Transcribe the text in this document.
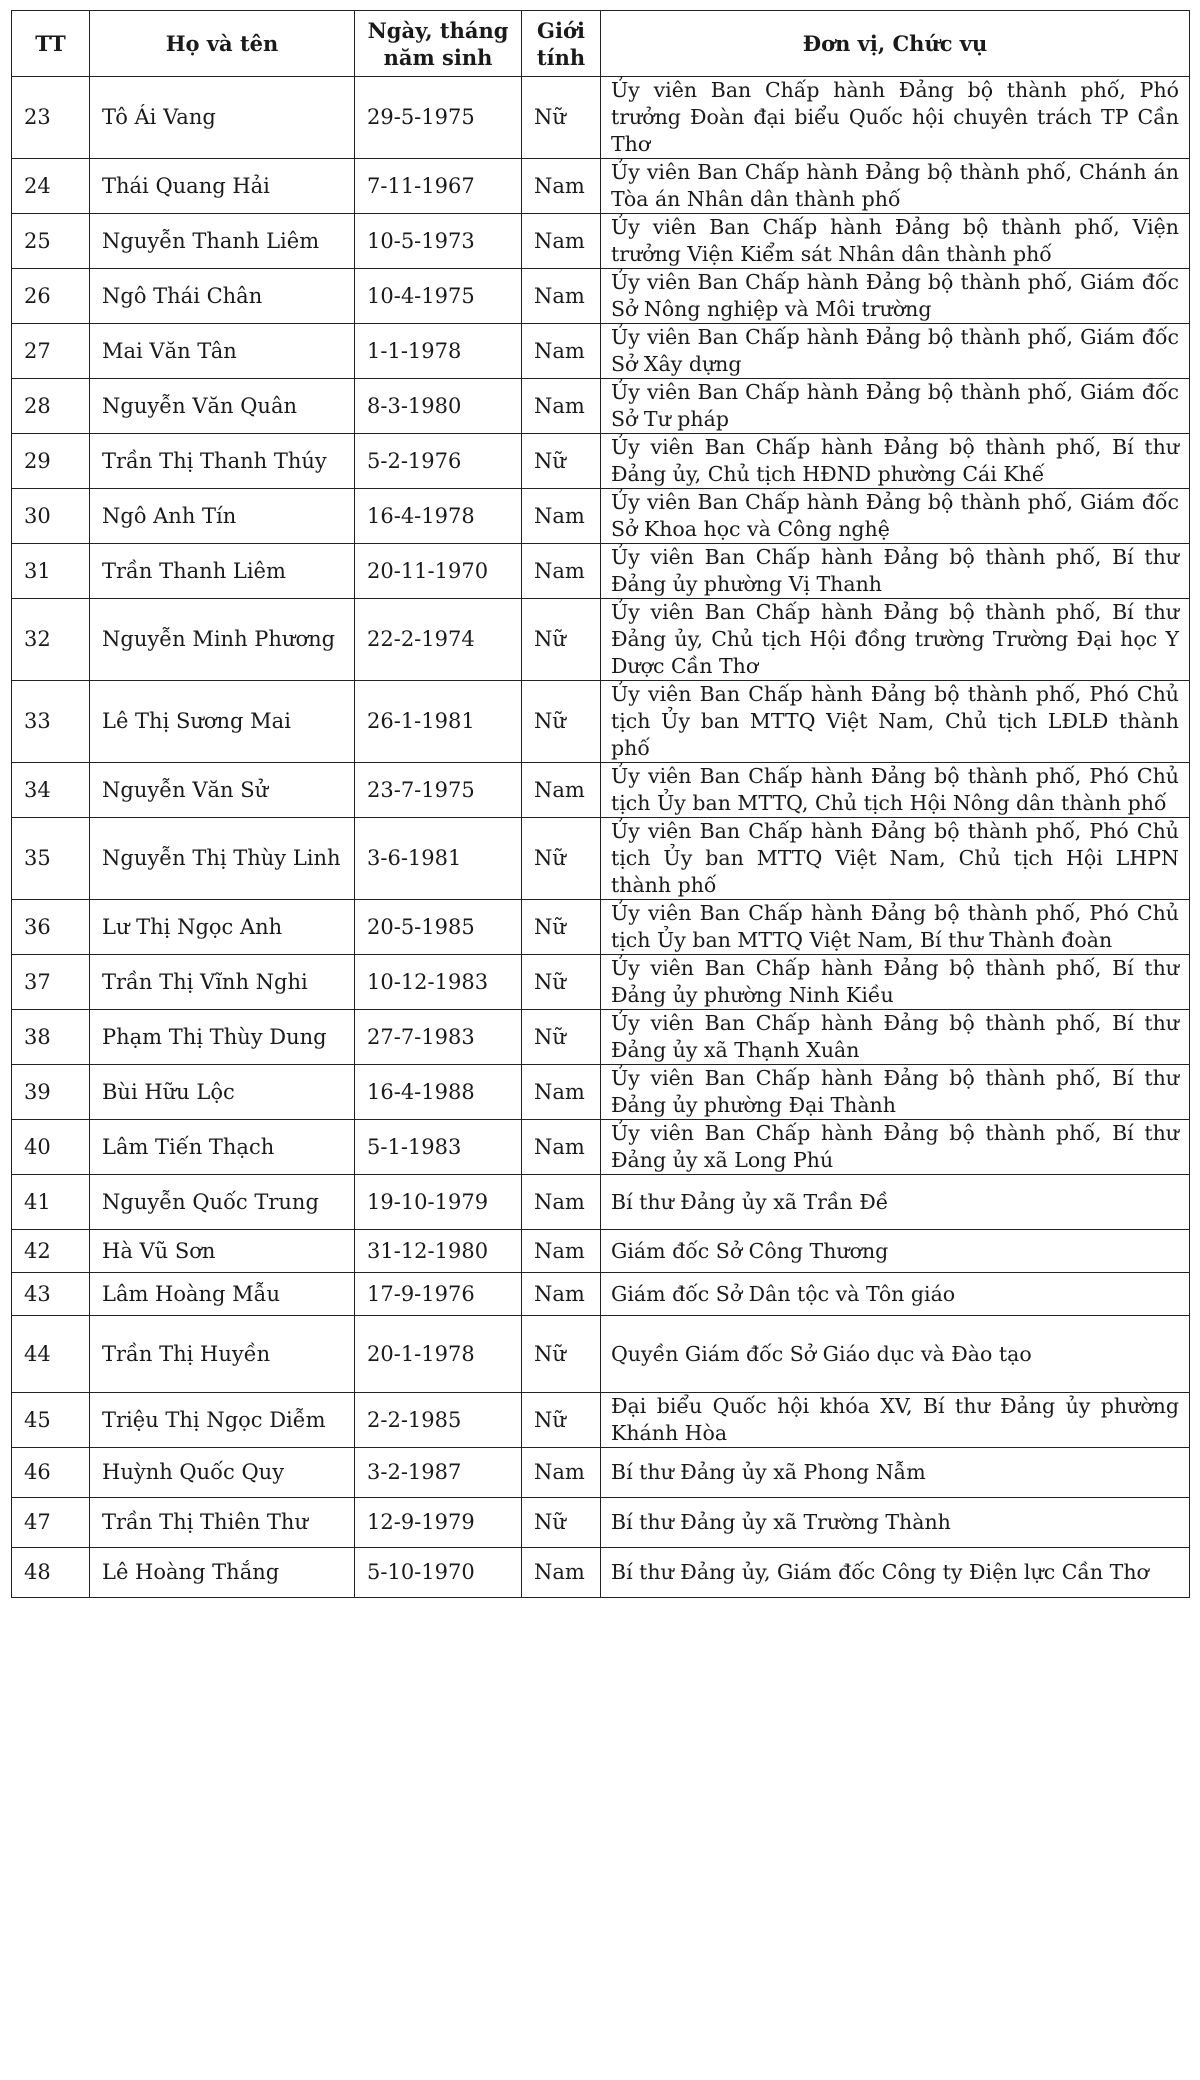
TT	Họ và tên	Ngày, tháng năm sinh	Giới tính	Đơn vị, Chức vụ
23	Tô Ái Vang	29-5-1975	Nữ	Ủy viên Ban Chấp hành Đảng bộ thành phố, Phó trưởng Đoàn đại biểu Quốc hội chuyên trách TP Cần Thơ
24	Thái Quang Hải	7-11-1967	Nam	Ủy viên Ban Chấp hành Đảng bộ thành phố, Chánh án Tòa án Nhân dân thành phố
25	Nguyễn Thanh Liêm	10-5-1973	Nam	Ủy viên Ban Chấp hành Đảng bộ thành phố, Viện trưởng Viện Kiểm sát Nhân dân thành phố
26	Ngô Thái Chân	10-4-1975	Nam	Ủy viên Ban Chấp hành Đảng bộ thành phố, Giám đốc Sở Nông nghiệp và Môi trường
27	Mai Văn Tân	1-1-1978	Nam	Ủy viên Ban Chấp hành Đảng bộ thành phố, Giám đốc Sở Xây dựng
28	Nguyễn Văn Quân	8-3-1980	Nam	Ủy viên Ban Chấp hành Đảng bộ thành phố, Giám đốc Sở Tư pháp
29	Trần Thị Thanh Thúy	5-2-1976	Nữ	Ủy viên Ban Chấp hành Đảng bộ thành phố, Bí thư Đảng ủy, Chủ tịch HĐND phường Cái Khế
30	Ngô Anh Tín	16-4-1978	Nam	Ủy viên Ban Chấp hành Đảng bộ thành phố, Giám đốc Sở Khoa học và Công nghệ
31	Trần Thanh Liêm	20-11-1970	Nam	Ủy viên Ban Chấp hành Đảng bộ thành phố, Bí thư Đảng ủy phường Vị Thanh
32	Nguyễn Minh Phương	22-2-1974	Nữ	Ủy viên Ban Chấp hành Đảng bộ thành phố, Bí thư Đảng ủy, Chủ tịch Hội đồng trường Trường Đại học Y Dược Cần Thơ
33	Lê Thị Sương Mai	26-1-1981	Nữ	Ủy viên Ban Chấp hành Đảng bộ thành phố, Phó Chủ tịch Ủy ban MTTQ Việt Nam, Chủ tịch LĐLĐ thành phố
34	Nguyễn Văn Sử	23-7-1975	Nam	Ủy viên Ban Chấp hành Đảng bộ thành phố, Phó Chủ tịch Ủy ban MTTQ, Chủ tịch Hội Nông dân thành phố
35	Nguyễn Thị Thùy Linh	3-6-1981	Nữ	Ủy viên Ban Chấp hành Đảng bộ thành phố, Phó Chủ tịch Ủy ban MTTQ Việt Nam, Chủ tịch Hội LHPN thành phố
36	Lư Thị Ngọc Anh	20-5-1985	Nữ	Ủy viên Ban Chấp hành Đảng bộ thành phố, Phó Chủ tịch Ủy ban MTTQ Việt Nam, Bí thư Thành đoàn
37	Trần Thị Vĩnh Nghi	10-12-1983	Nữ	Ủy viên Ban Chấp hành Đảng bộ thành phố, Bí thư Đảng ủy phường Ninh Kiều
38	Phạm Thị Thùy Dung	27-7-1983	Nữ	Ủy viên Ban Chấp hành Đảng bộ thành phố, Bí thư Đảng ủy xã Thạnh Xuân
39	Bùi Hữu Lộc	16-4-1988	Nam	Ủy viên Ban Chấp hành Đảng bộ thành phố, Bí thư Đảng ủy phường Đại Thành
40	Lâm Tiến Thạch	5-1-1983	Nam	Ủy viên Ban Chấp hành Đảng bộ thành phố, Bí thư Đảng ủy xã Long Phú
41	Nguyễn Quốc Trung	19-10-1979	Nam	Bí thư Đảng ủy xã Trần Đề
42	Hà Vũ Sơn	31-12-1980	Nam	Giám đốc Sở Công Thương
43	Lâm Hoàng Mẫu	17-9-1976	Nam	Giám đốc Sở Dân tộc và Tôn giáo
44	Trần Thị Huyền	20-1-1978	Nữ	Quyền Giám đốc Sở Giáo dục và Đào tạo
45	Triệu Thị Ngọc Diễm	2-2-1985	Nữ	Đại biểu Quốc hội khóa XV, Bí thư Đảng ủy phường Khánh Hòa
46	Huỳnh Quốc Quy	3-2-1987	Nam	Bí thư Đảng ủy xã Phong Nẫm
47	Trần Thị Thiên Thư	12-9-1979	Nữ	Bí thư Đảng ủy xã Trường Thành
48	Lê Hoàng Thắng	5-10-1970	Nam	Bí thư Đảng ủy, Giám đốc Công ty Điện lực Cần Thơ
